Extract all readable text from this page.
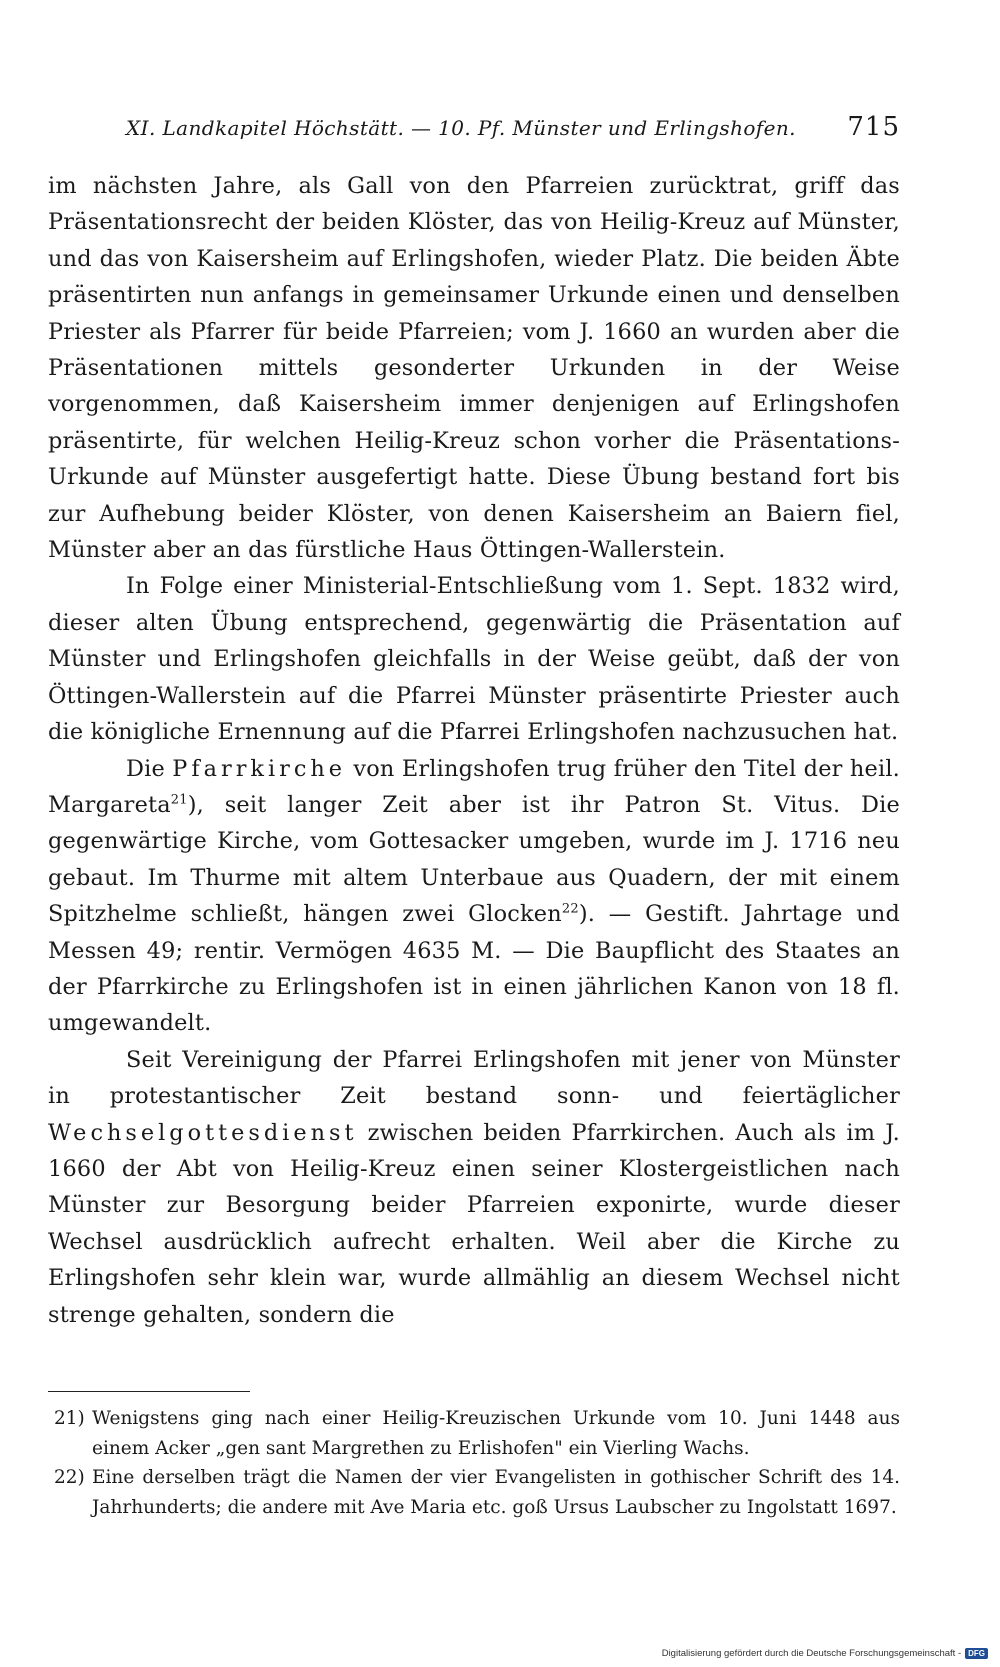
XI. Landkapitel Höchstätt. — 10. Pf. Münster und Erlingshofen. 715

im nächsten Jahre, als Gall von den Pfarreien zurücktrat, griff das Präsentationsrecht der beiden Klöster, das von Heilig-Kreuz auf Münster, und das von Kaisersheim auf Erlingshofen, wieder Platz. Die beiden Äbte präsentirten nun anfangs in gemeinsamer Urkunde einen und denselben Priester als Pfarrer für beide Pfarreien; vom J. 1660 an wurden aber die Präsentationen mittels gesonderter Urkunden in der Weise vorgenommen, daß Kaisersheim immer denjenigen auf Erlingshofen präsentirte, für welchen Heilig-Kreuz schon vorher die Präsentations-Urkunde auf Münster ausgefertigt hatte. Diese Übung bestand fort bis zur Aufhebung beider Klöster, von denen Kaisersheim an Baiern fiel, Münster aber an das fürstliche Haus Öttingen-Wallerstein.

In Folge einer Ministerial-Entschließung vom 1. Sept. 1832 wird, dieser alten Übung entsprechend, gegenwärtig die Präsentation auf Münster und Erlingshofen gleichfalls in der Weise geübt, daß der von Öttingen-Wallerstein auf die Pfarrei Münster präsentirte Priester auch die königliche Ernennung auf die Pfarrei Erlingshofen nachzusuchen hat.

Die Pfarrkirche von Erlingshofen trug früher den Titel der heil. Margareta$^{21}$), seit langer Zeit aber ist ihr Patron St. Vitus. Die gegenwärtige Kirche, vom Gottesacker umgeben, wurde im J. 1716 neu gebaut. Im Thurme mit altem Unterbaue aus Quadern, der mit einem Spitzhelme schließt, hängen zwei Glocken$^{22}$). — Gestift. Jahrtage und Messen 49; rentir. Vermögen 4635 M. — Die Baupflicht des Staates an der Pfarrkirche zu Erlingshofen ist in einen jährlichen Kanon von 18 fl. umgewandelt.

Seit Vereinigung der Pfarrei Erlingshofen mit jener von Münster in protestantischer Zeit bestand sonn- und feiertäglicher Wechselgottesdienst zwischen beiden Pfarrkirchen. Auch als im J. 1660 der Abt von Heilig-Kreuz einen seiner Klostergeistlichen nach Münster zur Besorgung beider Pfarreien exponirte, wurde dieser Wechsel ausdrücklich aufrecht erhalten. Weil aber die Kirche zu Erlingshofen sehr klein war, wurde allmählig an diesem Wechsel nicht strenge gehalten, sondern die

21) Wenigstens ging nach einer Heilig-Kreuzischen Urkunde vom 10. Juni 1448 aus einem Acker „gen sant Margrethen zu Erlishofen" ein Vierling Wachs.
22) Eine derselben trägt die Namen der vier Evangelisten in gothischer Schrift des 14. Jahrhunderts; die andere mit Ave Maria etc. goß Ursus Laubscher zu Ingolstatt 1697.
Digitalisierung gefördert durch die Deutsche Forschungsgemeinschaft - DFG
